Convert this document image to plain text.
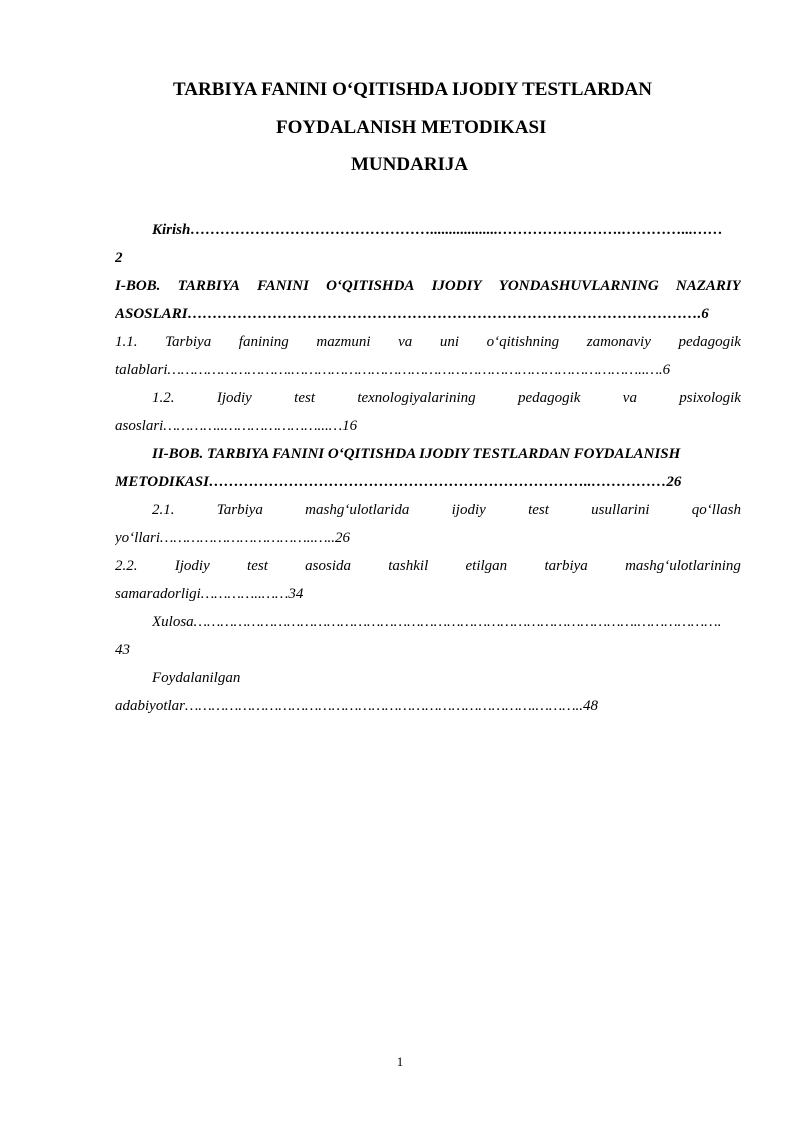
TARBIYA FANINI O‘QITISHDA IJODIY TESTLARDAN
FOYDALANISH METODIKASI
MUNDARIJA
Kirish…………………………………………..................…………………….…………...……
2
I-BOB. TARBIYA FANINI O‘QITISHDA IJODIY YONDASHUVLARNING NAZARIY
ASOSLARI………………………………………………………………………………………….6
1.1. Tarbiya fanining mazmuni va uni o‘qitishning zamonaviy pedagogik
talablari……………………….……………………………………………………………………..….6
1.2.	Ijodiy	test	texnologiyalarining	pedagogik	va	psixologik
asoslari…………..…………………...…16
II-BOB. TARBIYA FANINI O‘QITISHDA IJODIY TESTLARDAN FOYDALANISH
METODIKASI…………………………………………………………………..……………26
2.1.	Tarbiya	mashg‘ulotlarida	ijodiy	test	usullarini	qo‘llash
yo‘llari……………………………..…..26
2.2. Ijodiy test asosida tashkil etilgan tarbiya mashg‘ulotlarining
samaradorligi…………..……34
Xulosa……………………………………………………………………………………….……………….
43
Foydalanilgan
adabiyotlar…………………………………………………………………….………..48
1
